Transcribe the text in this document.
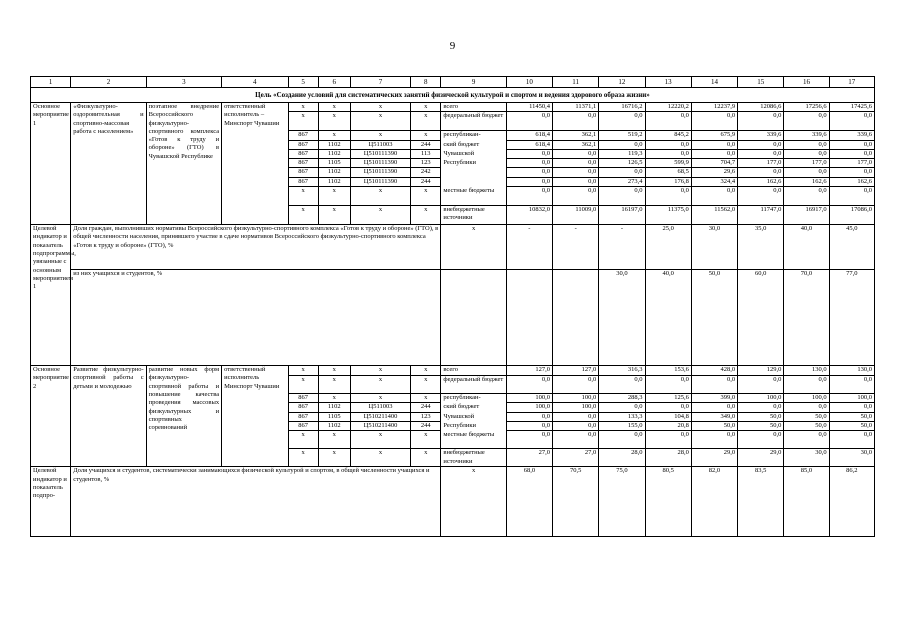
9
1	2	3	4	5	6	7	8	9	10	11	12	13	14	15	16	17
Цель «Создание условий для систематических занятий физической культурой и спортом и ведения здорового образа жизни»																
Основное мероприятие 1	«Физкультурно-оздоровительная и спортивно-массовая работа с населением»	поэтапное внедрение Всероссийского физкультурно-спортивного комплекса «Готов к труду и обороне» (ГТО) в Чувашской Республике	ответственный исполнитель – Минспорт Чувашии	x	x	x	x	всего	11450,4	11371,1	16716,2	12220,2	12237,9	12086,6	17256,6	17425,6
				x	x	x	x	федеральный бюджет	0,0	0,0	0,0	0,0	0,0	0,0	0,0	0,0
				867	x	x	x	республикан-	618,4	362,1	519,2	845,2	675,9	339,6	339,6	339,6
				867	1102	Ц511003	244	ский бюджет	618,4	362,1	0,0	0,0	0,0	0,0	0,0	0,0
				867	1102	Ц510111390	113	Чувашской	0,0	0,0	119,3	0,0	0,0	0,0	0,0	0,0
				867	1105	Ц510111390	123	Республики	0,0	0,0	126,5	599,9	704,7	177,0	177,0	177,0
				867	1102	Ц510111390	242		0,0	0,0	0,0	68,5	29,6	0,0	0,0	0,0
				867	1102	Ц510111390	244		0,0	0,0	273,4	176,8	324,4	162,6	162,6	162,6
				x	x	x	x	местные бюджеты	0,0	0,0	0,0	0,0	0,0	0,0	0,0	0,0
				x	x	x	x	внебюджетные источники	10832,0	11009,0	16197,0	11375,0	11562,0	11747,0	16917,0	17086,0
Целевой индикатор и показатель подпрограммы, увязанные с основным мероприятием 1	Доля граждан, выполнивших нормативы Всероссийского физкультурно-спортивного комплекса «Готов к труду и обороне» (ГТО), в общей численности населения, принявшего участие в сдаче нормативов Всероссийского физкультурно-спортивного комплекса «Готов к труду и обороне» (ГТО), %							x	-	-	-	25,0	30,0	35,0	40,0	45,0
	из них учащихся и студентов, %										30,0	40,0	50,0	60,0	70,0	77,0
Основное мероприятие 2	Развитие физкультурно-спортивной работы с детьми и молодежью	развитие новых форм физкультурно-спортивной работы и повышение качества проведения массовых физкультурных и спортивных соревнований	ответственный исполнитель Минспорт Чувашии	x	x	x	x	всего	127,0	127,0	316,3	153,6	428,0	129,0	130,0	130,0
				x	x	x	x	федеральный бюджет	0,0	0,0	0,0	0,0	0,0	0,0	0,0	0,0
				867	x	x	x	республикан-	100,0	100,0	288,3	125,6	399,0	100,0	100,0	100,0
				867	1102	Ц511003	244	ский бюджет	100,0	100,0	0,0	0,0	0,0	0,0	0,0	0,0
				867	1105	Ц510211400	123	Чувашской	0,0	0,0	133,3	104,8	349,0	50,0	50,0	50,0
				867	1102	Ц510211400	244	Республики	0,0	0,0	155,0	20,8	50,0	50,0	50,0	50,0
				x	x	x	x	местные бюджеты	0,0	0,0	0,0	0,0	0,0	0,0	0,0	0,0
				x	x	x	x	внебюджетные источники	27,0	27,0	28,0	28,0	29,0	29,0	30,0	30,0
Целевой индикатор и показатель подпро-	Доля учащихся и студентов, систематически занимающихся физической культурой и спортом, в общей численности учащихся и студентов, %							x	68,0	70,5	75,0	80,5	82,0	83,5	85,0	86,2
